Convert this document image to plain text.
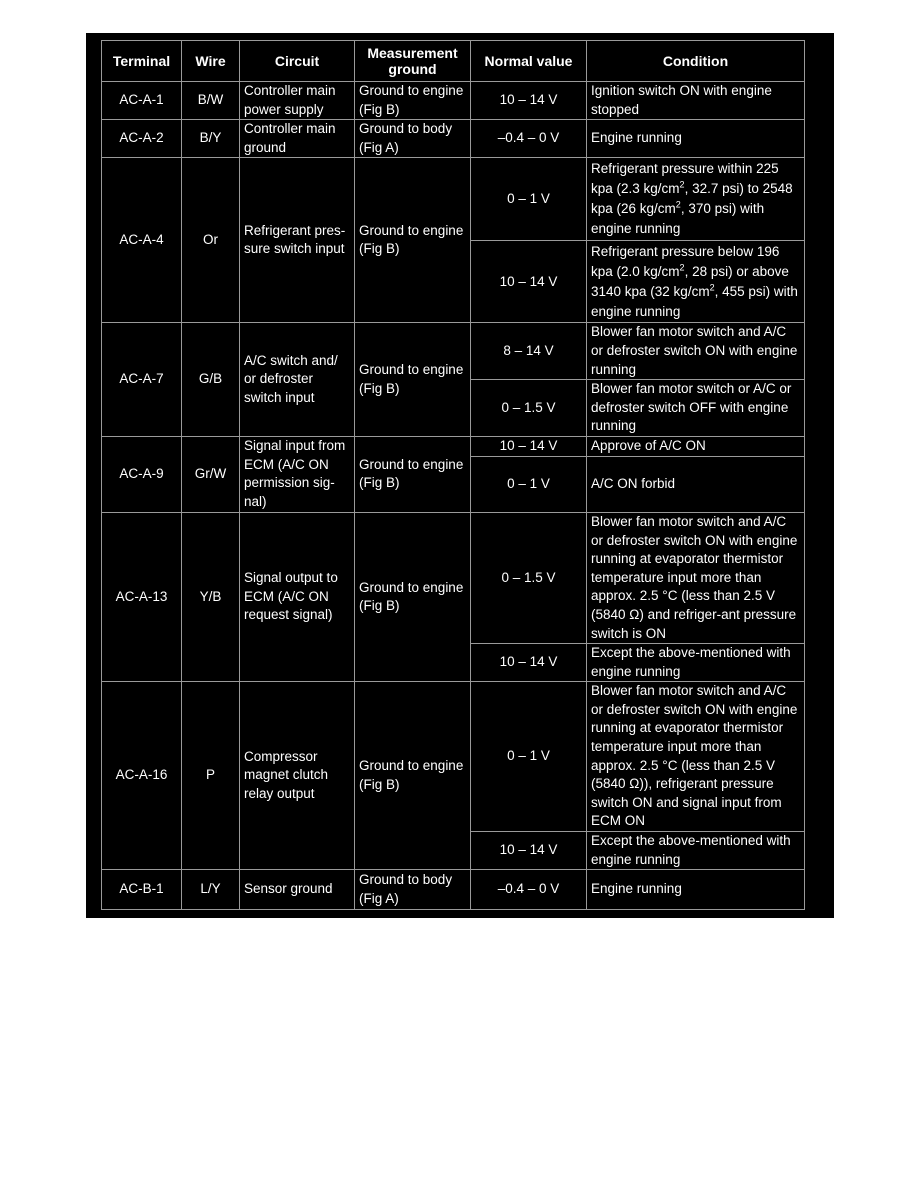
Terminal	Wire	Circuit	Measurement ground	Normal value	Condition
AC-A-1	B/W	Controller main power supply	Ground to engine (Fig B)	10 – 14 V	Ignition switch ON with engine stopped
AC-A-2	B/Y	Controller main ground	Ground to body (Fig A)	–0.4 – 0 V	Engine running
AC-A-4	Or	Refrigerant pres-sure switch input	Ground to engine (Fig B)	0 – 1 V	Refrigerant pressure within 225 kpa (2.3 $kg/cm^2$, 32.7 psi) to 2548 kpa (26 $kg/cm^2$, 370 psi) with engine running
				10 – 14 V	Refrigerant pressure below 196 kpa (2.0 $kg/cm^2$, 28 psi) or above 3140 kpa (32 $kg/cm^2$, 455 psi) with engine running
AC-A-7	G/B	A/C switch and/ or defroster switch input	Ground to engine (Fig B)	8 – 14 V	Blower fan motor switch and A/C or defroster switch ON with engine running
				0 – 1.5 V	Blower fan motor switch or A/C or defroster switch OFF with engine running
AC-A-9	Gr/W	Signal input from ECM (A/C ON permission sig-nal)	Ground to engine (Fig B)	10 – 14 V	Approve of A/C ON
				0 – 1 V	A/C ON forbid
AC-A-13	Y/B	Signal output to ECM (A/C ON request signal)	Ground to engine (Fig B)	0 – 1.5 V	Blower fan motor switch and A/C or defroster switch ON with engine running at evaporator thermistor temperature input more than approx. 2.5 °C (less than 2.5 V (5840 Ω) and refriger-ant pressure switch is ON
				10 – 14 V	Except the above-mentioned with engine running
AC-A-16	P	Compressor magnet clutch relay output	Ground to engine (Fig B)	0 – 1 V	Blower fan motor switch and A/C or defroster switch ON with engine running at evaporator thermistor temperature input more than approx. 2.5 °C (less than 2.5 V (5840 Ω)), refrigerant pressure switch ON and signal input from ECM ON
				10 – 14 V	Except the above-mentioned with engine running
AC-B-1	L/Y	Sensor ground	Ground to body (Fig A)	–0.4 – 0 V	Engine running
